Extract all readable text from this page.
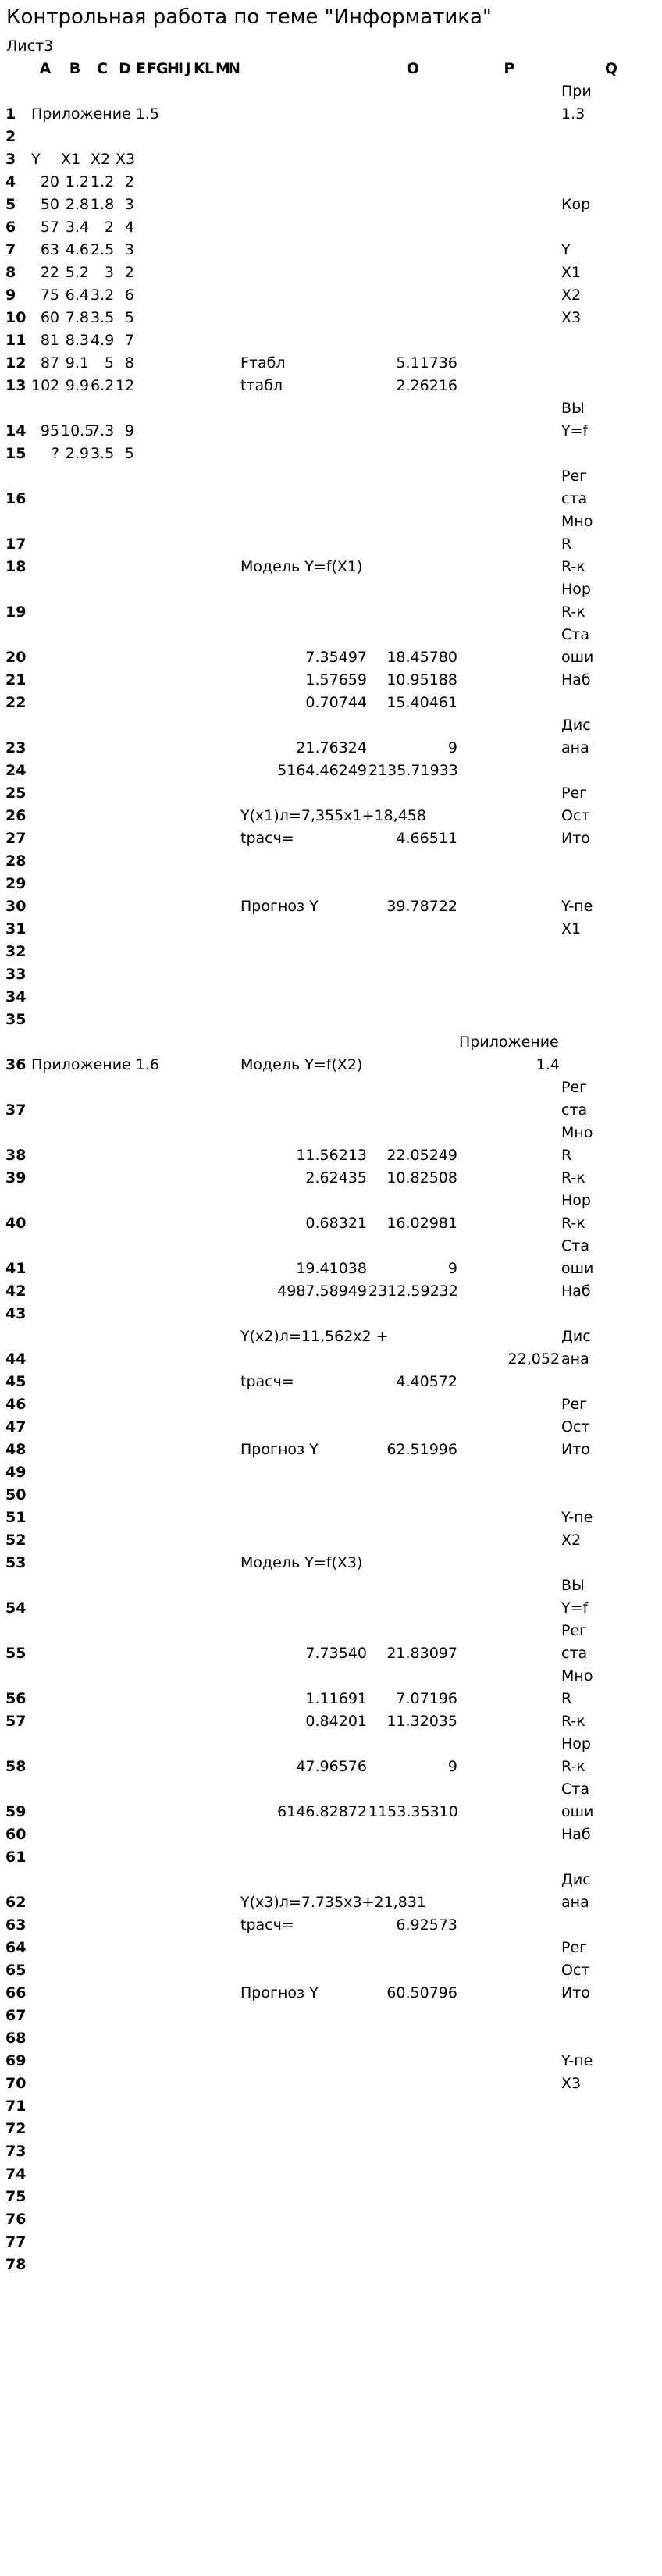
Контрольная работа по теме "Информатика"
Лист3
	A	B	C	D	E	F	G	H	I	J	K	L	M	N		O	P	Q
																		При
1	Приложение 1.5																	1.3
2																		
3	Y	X1	X2	X3														
4	20	1.2	1.2	2														
5	50	2.8	1.8	3														Кор
6	57	3.4	2	4														
7	63	4.6	2.5	3														Y
8	22	5.2	3	2														X1
9	75	6.4	3.2	6														X2
10	60	7.8	3.5	5														X3
11	81	8.3	4.9	7														
12	87	9.1	5	8											Fтабл	5.11736		
13	102	9.9	6.2	12											tтабл	2.26216		
																		ВЫ
14	95	10.5	7.3	9														Y=f
15	?	2.9	3.5	5														
																		Рег
16																		ста
																		Мно
17																		R
18															Модель Y=f(X1)			R-к
																		Нор
19																		R-к
																		Ста
20															7.35497	18.45780		оши
21															1.57659	10.95188		Наб
22															0.70744	15.40461		
																		Дис
23															21.76324	9		ана

24															5164.46249	2135.71933		
25																		Рег
26															Y(x1)л=7,355x1+18,458			Ост
27															tрасч=	4.66511		Ито
28																		

29																		
30															Прогноз Y	39.78722		Y-пе
31																		X1
32																		
33																		
34																		
35																		

																	Приложение	
36	Приложение 1.6														Модель Y=f(X2)		1.4	
																		Рег
37																		ста
																		Мно
38															11.56213	22.05249		R
39															2.62435	10.82508		R-к
																		Нор
40															0.68321	16.02981		R-к
																		Ста
41															19.41038	9		оши
42															4987.58949	2312.59232		Наб
43																		
															Y(x2)л=11,562x2 +			Дис
44															22,052			ана

45															tрасч=	4.40572		
46																		Рег
47																		Ост
48															Прогноз Y	62.51996		Ито
49																		

50																		
51																		Y-пе
52																		X2
53															Модель Y=f(X3)			
																		ВЫ
54																		Y=f
																		Рег
55															7.73540	21.83097		ста
																		Мно
56															1.11691	7.07196		R
57															0.84201	11.32035		R-к
																		Нор
58															47.96576	9		R-к
																		Ста
59															6146.82872	1153.35310		оши
60																		Наб
61																		
																		Дис
62															Y(x3)л=7.735x3+21,831			ана

63															tрасч=	6.92573		
64																		Рег
65																		Ост
66															Прогноз Y	60.50796		Ито
67																		

68																		
69																		Y-пе
70																		X3
71																		
72																		
73																		
74																		
75																		
76																		
77																		
78																		
